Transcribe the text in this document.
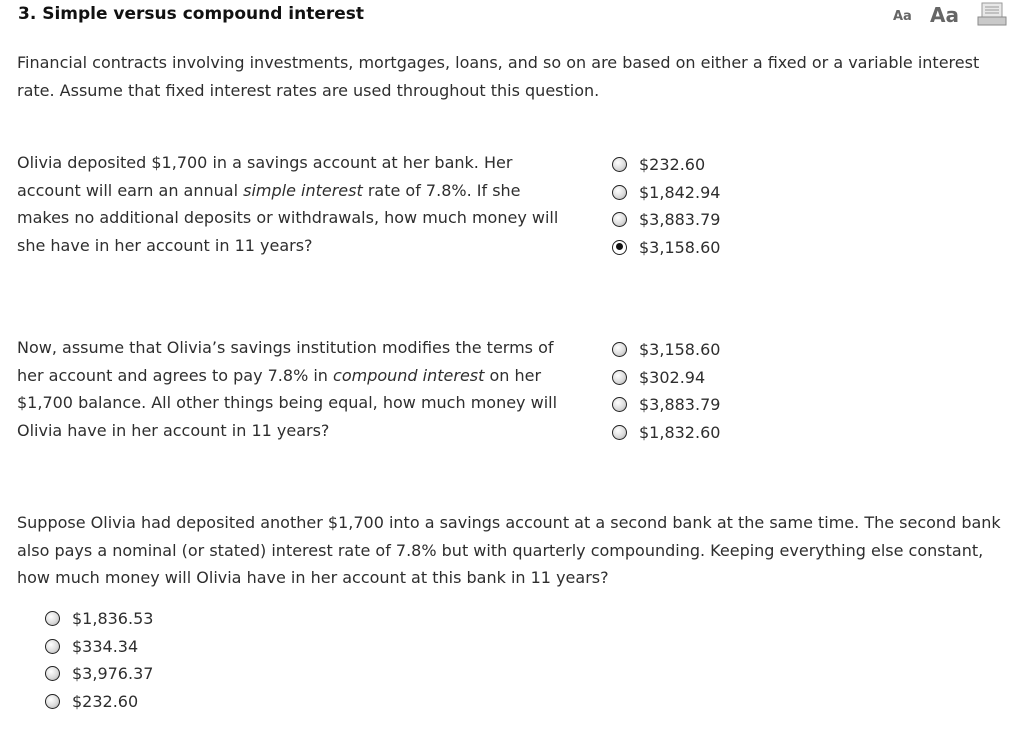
3. Simple versus compound interest	Aa Aa
Financial contracts involving investments, mortgages, loans, and so on are based on either a fixed or a variable interest rate. Assume that fixed interest rates are used throughout this question.
Olivia deposited $1,700 in a savings account at her bank. Her account will earn an annual simple interest rate of 7.8%. If she makes no additional deposits or withdrawals, how much money will she have in her account in 11 years?
$232.60
$1,842.94
$3,883.79
$3,158.60
Now, assume that Olivia’s savings institution modifies the terms of her account and agrees to pay 7.8% in compound interest on her $1,700 balance. All other things being equal, how much money will Olivia have in her account in 11 years?
$3,158.60
$302.94
$3,883.79
$1,832.60
Suppose Olivia had deposited another $1,700 into a savings account at a second bank at the same time. The second bank also pays a nominal (or stated) interest rate of 7.8% but with quarterly compounding. Keeping everything else constant, how much money will Olivia have in her account at this bank in 11 years?
$1,836.53
$334.34
$3,976.37
$232.60
